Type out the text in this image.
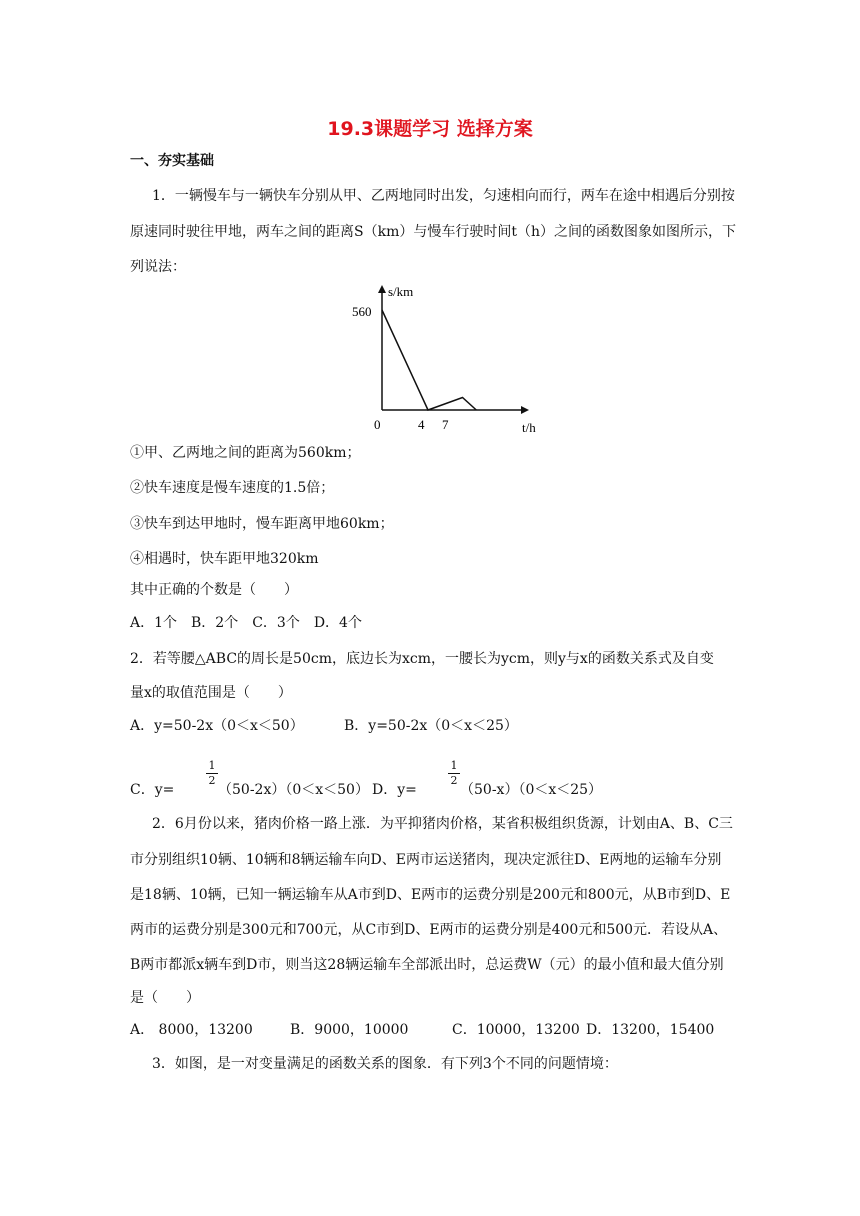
19.3课题学习 选择方案
一、夯实基础
1．一辆慢车与一辆快车分别从甲、乙两地同时出发，匀速相向而行，两车在途中相遇后分别按
原速同时驶往甲地，两车之间的距离S（km）与慢车行驶时间t（h）之间的函数图象如图所示，下
列说法：
s/km
560
0	4 7	t/h
①甲、乙两地之间的距离为560km；
②快车速度是慢车速度的1.5倍；
③快车到达甲地时，慢车距离甲地60km；
④相遇时，快车距甲地320km
其中正确的个数是（　　）
A．1个　B．2个　C．3个　D．4个
2．若等腰△ABC的周长是50cm，底边长为xcm，一腰长为ycm，则y与x的函数关系式及自变
量x的取值范围是（　　）
A．y=50-2x（0＜x＜50）	B．y=50-2x（0＜x＜25）
C．y=
1
2
（50-2x）（0＜x＜50） D．y=
1
2
（50-x）（0＜x＜25）
2．6月份以来，猪肉价格一路上涨．为平抑猪肉价格，某省积极组织货源，计划由A、B、C三
市分别组织10辆、10辆和8辆运输车向D、E两市运送猪肉，现决定派往D、E两地的运输车分别
是18辆、10辆，已知一辆运输车从A市到D、E两市的运费分别是200元和800元，从B市到D、E
两市的运费分别是300元和700元，从C市到D、E两市的运费分别是400元和500元．若设从A、
B两市都派x辆车到D市，则当这28辆运输车全部派出时，总运费W（元）的最小值和最大值分别
是（　　）
A． 8000，13200	B．9000，10000	C．10000，13200 D．13200，15400
3．如图，是一对变量满足的函数关系的图象．有下列3个不同的问题情境：
